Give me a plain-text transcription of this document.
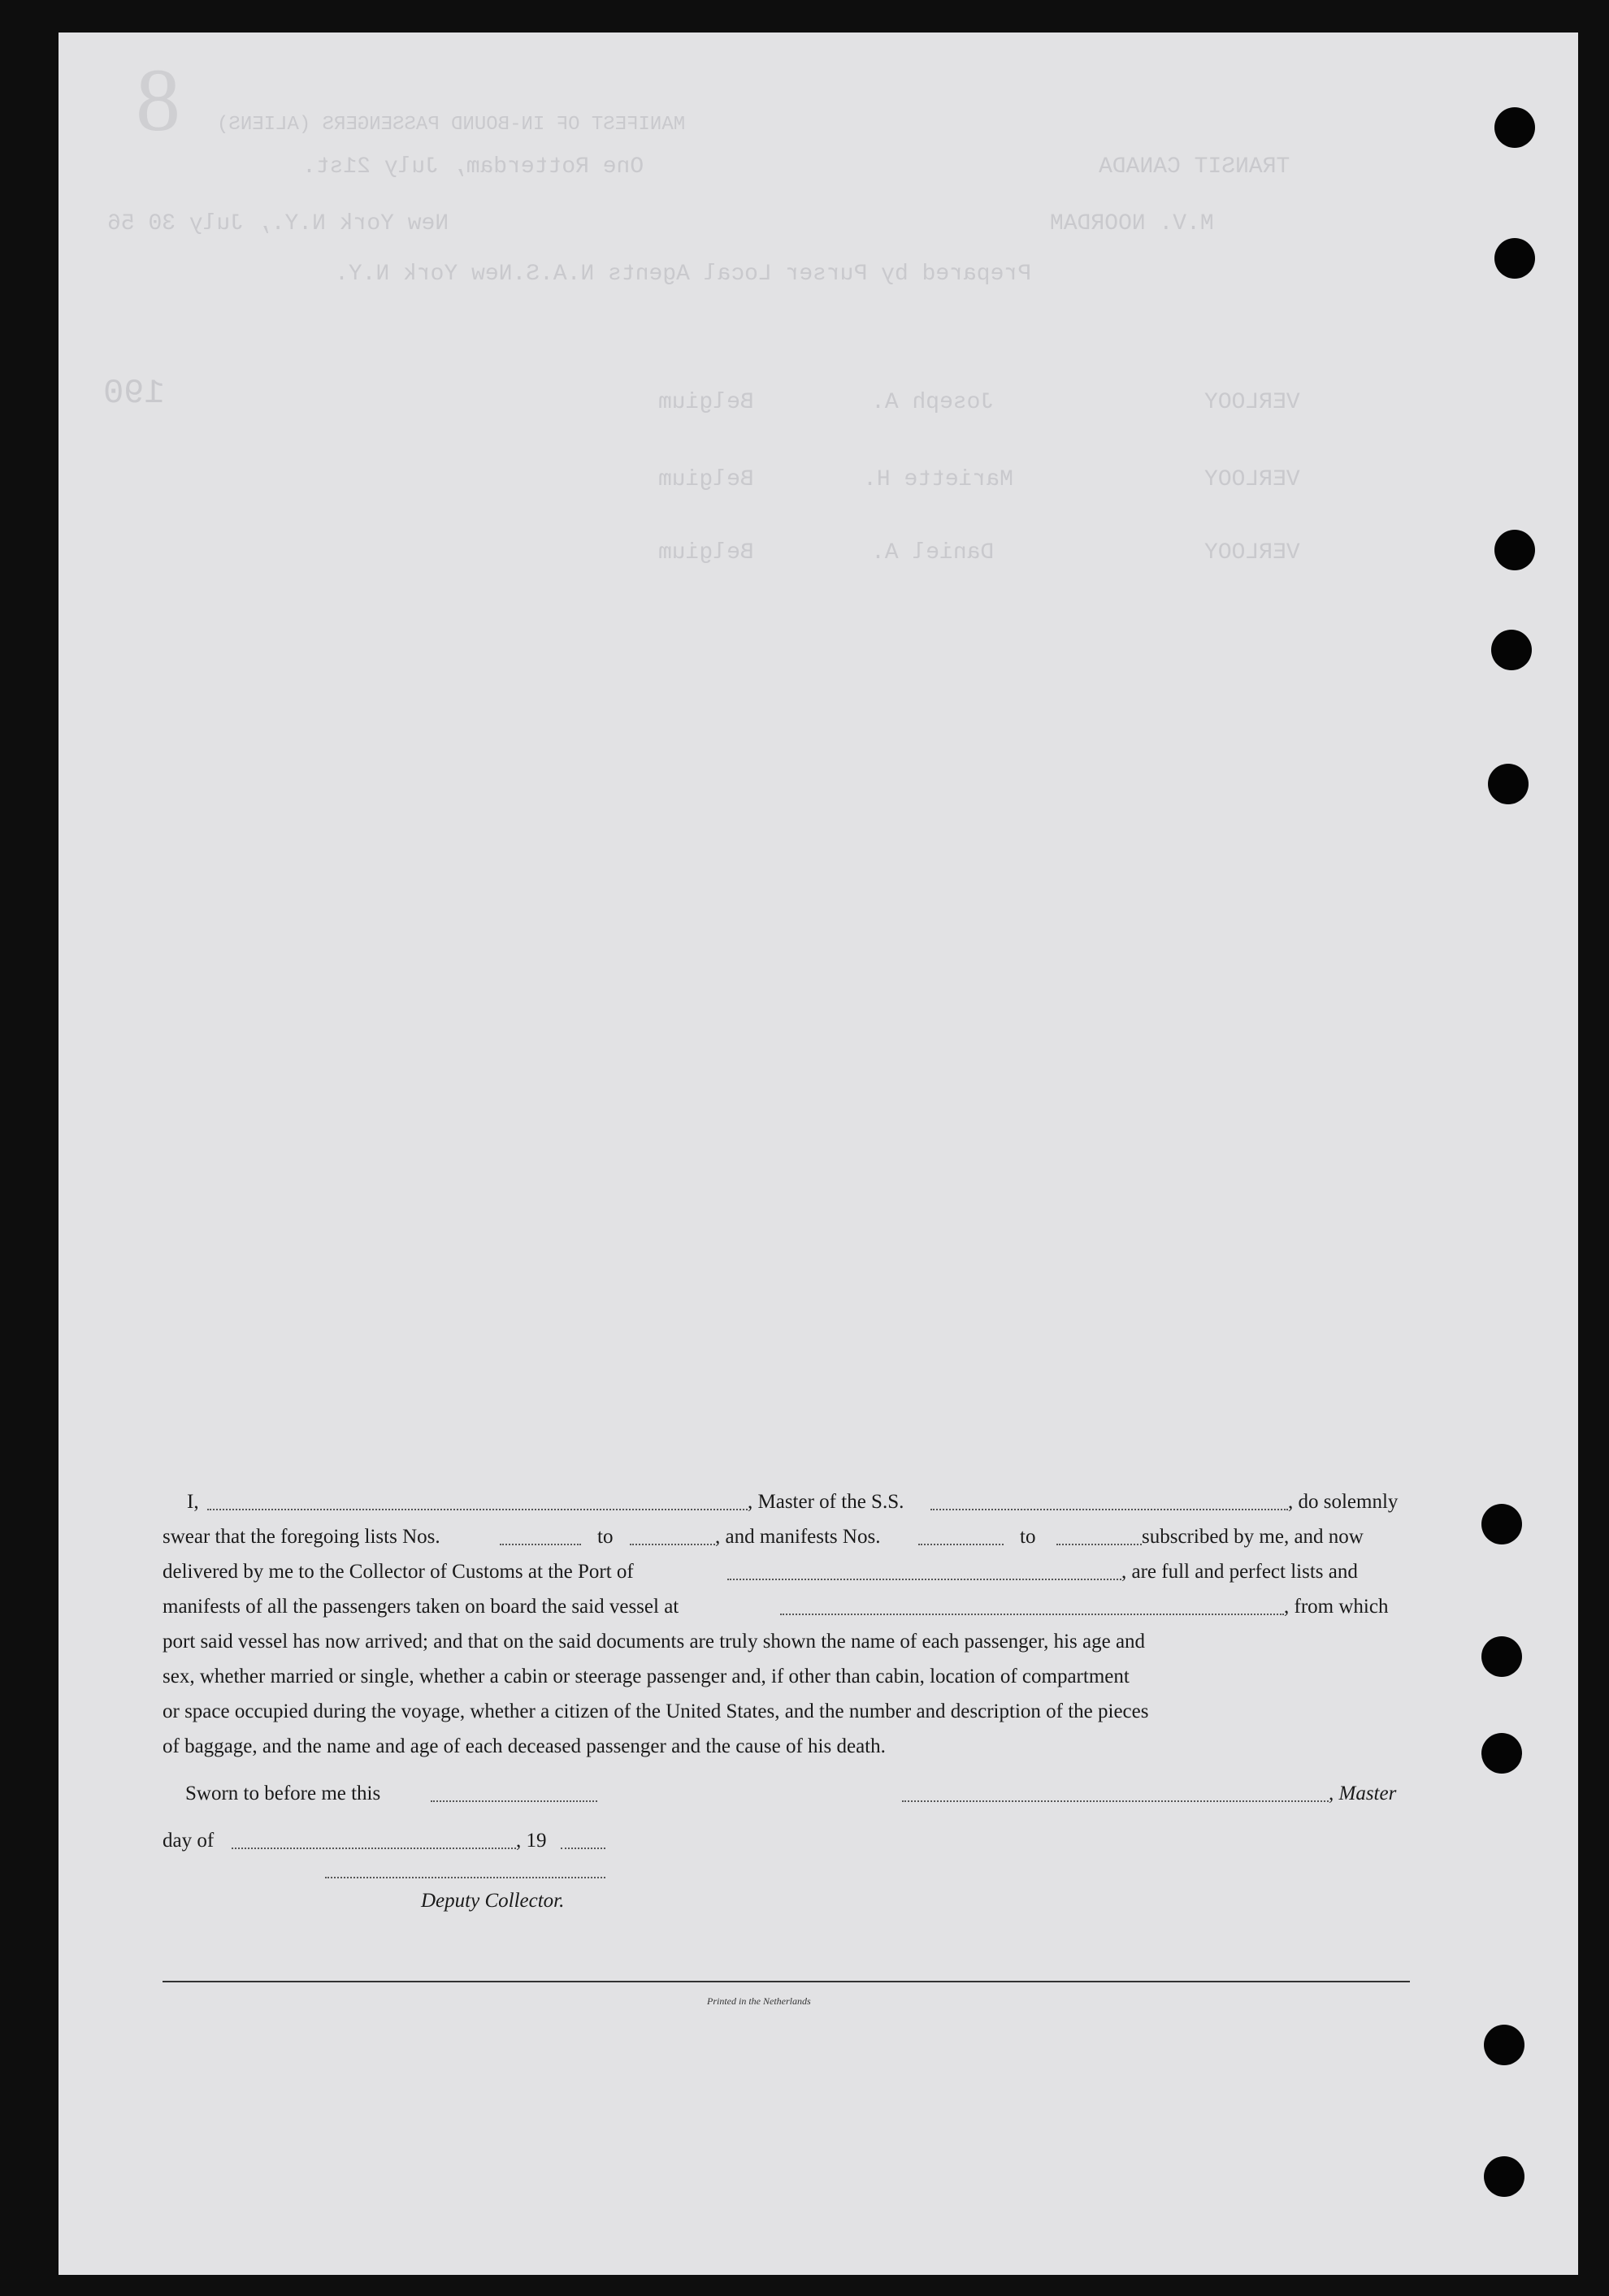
8 MANIFEST OF IN-BOUND PASSENGERS (ALIENS)
One Rotterdam, July 21st.	TRANSIT CANADA
New York N.Y., July 30 56	M.V. NOORDAM
Prepared by Purser Local Agents N.A.S.New York N.Y.
190	Belgium	Joseph A.	VERLOOY
Belgium	Mariette H.	VERLOOY
Belgium	Daniel A.	VERLOOY
I,	, Master of the S.S.	, do solemnly
swear that the foregoing lists Nos.	to	, and manifests Nos.	to	subscribed by me, and now
delivered by me to the Collector of Customs at the Port of	, are full and perfect lists and
manifests of all the passengers taken on board the said vessel at	, from which
port said vessel has now arrived; and that on the said documents are truly shown the name of each passenger, his age and
sex, whether married or single, whether a cabin or steerage passenger and, if other than cabin, location of compartment
or space occupied during the voyage, whether a citizen of the United States, and the number and description of the pieces
of baggage, and the name and age of each deceased passenger and the cause of his death.
Sworn to before me this	, Master
day of	, 19
Deputy Collector.
Printed in the Netherlands
